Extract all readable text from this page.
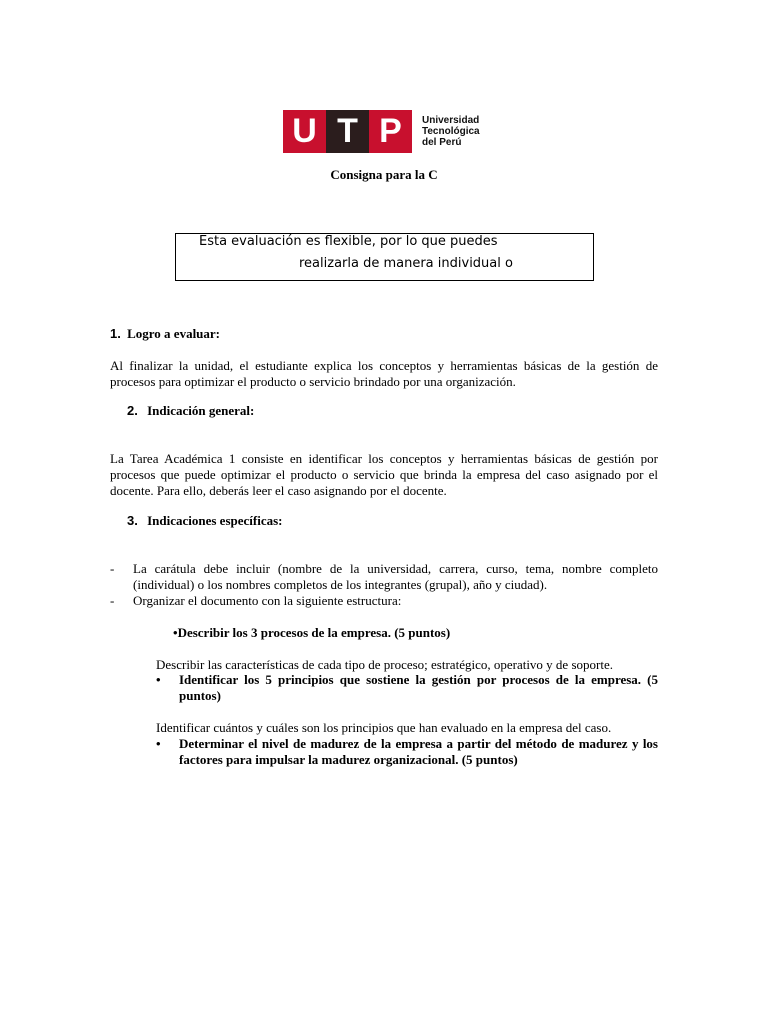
U T P	Universidad
Tecnológica
del Perú
Consigna para la C
Esta evaluación es flexible, por lo que puedes
realizarla de manera individual o
1. Logro a evaluar:
Al finalizar la unidad, el estudiante explica los conceptos y herramientas básicas de la gestión de procesos para optimizar el producto o servicio brindado por una organización.
2. Indicación general:
La Tarea Académica 1 consiste en identificar los conceptos y herramientas básicas de gestión por procesos que puede optimizar el producto o servicio que brinda la empresa del caso asignado por el docente. Para ello, deberás leer el caso asignando por el docente.
3. Indicaciones específicas:
-	La carátula debe incluir (nombre de la universidad, carrera, curso, tema, nombre completo (individual) o los nombres completos de los integrantes (grupal), año y ciudad).
-	Organizar el documento con la siguiente estructura:
• Describir los 3 procesos de la empresa. (5 puntos)
Describir las características de cada tipo de proceso; estratégico, operativo y de soporte.
•	Identificar los 5 principios que sostiene la gestión por procesos de la empresa. (5 puntos)
Identificar cuántos y cuáles son los principios que han evaluado en la empresa del caso.
•	Determinar el nivel de madurez de la empresa a partir del método de madurez y los factores para impulsar la madurez organizacional. (5 puntos)
